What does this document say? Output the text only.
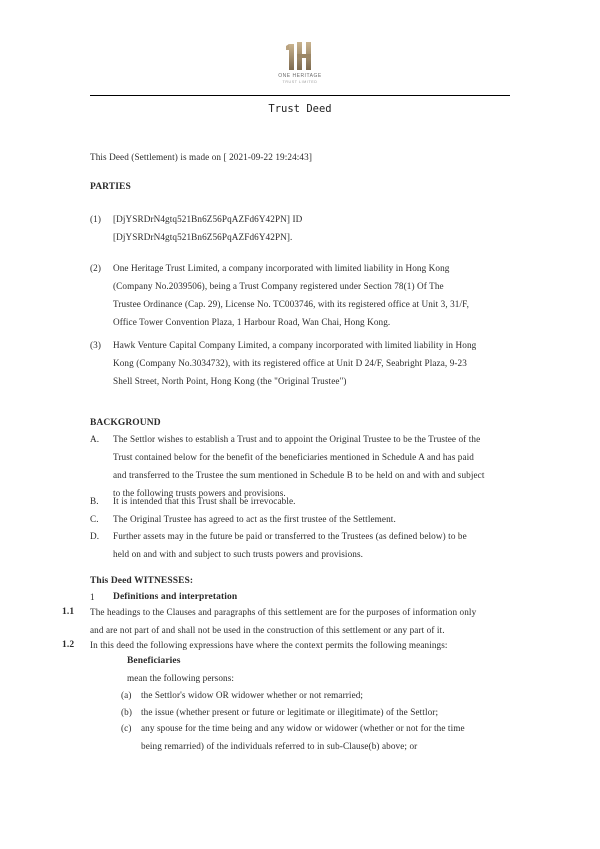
ONE HERITAGE
TRUST LIMITED
Trust Deed
This Deed (Settlement) is made on [ 2021-09-22 19:24:43]
PARTIES
(1) [DjYSRDrN4gtq521Bn6Z56PqAZFd6Y42PN] ID
[DjYSRDrN4gtq521Bn6Z56PqAZFd6Y42PN].
(2) One Heritage Trust Limited, a company incorporated with limited liability in Hong Kong
(Company No.2039506), being a Trust Company registered under Section 78(1) Of The
Trustee Ordinance (Cap. 29), License No. TC003746, with its registered office at Unit 3, 31/F,
Office Tower Convention Plaza, 1 Harbour Road, Wan Chai, Hong Kong.
(3) Hawk Venture Capital Company Limited, a company incorporated with limited liability in Hong
Kong (Company No.3034732), with its registered office at Unit D 24/F, Seabright Plaza, 9-23
Shell Street, North Point, Hong Kong (the "Original Trustee")
BACKGROUND
A. The Settlor wishes to establish a Trust and to appoint the Original Trustee to be the Trustee of the
Trust contained below for the benefit of the beneficiaries mentioned in Schedule A and has paid
and transferred to the Trustee the sum mentioned in Schedule B to be held on and with and subject
to the following trusts powers and provisions.
B. It is intended that this Trust shall be irrevocable.
C. The Original Trustee has agreed to act as the first trustee of the Settlement.
D. Further assets may in the future be paid or transferred to the Trustees (as defined below) to be
held on and with and subject to such trusts powers and provisions.
This Deed WITNESSES:
1 Definitions and interpretation
1.1 The headings to the Clauses and paragraphs of this settlement are for the purposes of information only
and are not part of and shall not be used in the construction of this settlement or any part of it.
1.2 In this deed the following expressions have where the context permits the following meanings:
Beneficiaries
mean the following persons:
(a) the Settlor's widow OR widower whether or not remarried;
(b) the issue (whether present or future or legitimate or illegitimate) of the Settlor;
(c) any spouse for the time being and any widow or widower (whether or not for the time
being remarried) of the individuals referred to in sub-Clause(b) above; or
